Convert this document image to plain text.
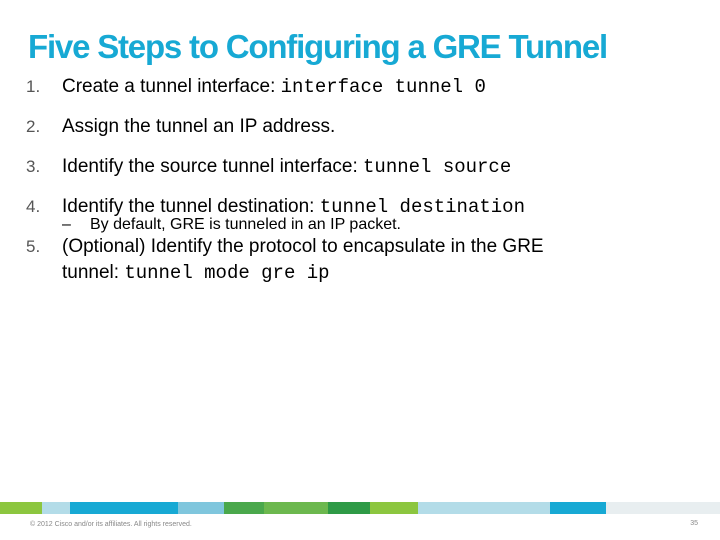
Five Steps to Configuring a GRE Tunnel
1. Create a tunnel interface: interface tunnel 0
2. Assign the tunnel an IP address.
3. Identify the source tunnel interface: tunnel source
4. Identify the tunnel destination: tunnel destination
5. (Optional) Identify the protocol to encapsulate in the GRE
tunnel: tunnel mode gre ip
– By default, GRE is tunneled in an IP packet.
© 2012 Cisco and/or its affiliates. All rights reserved.	35
